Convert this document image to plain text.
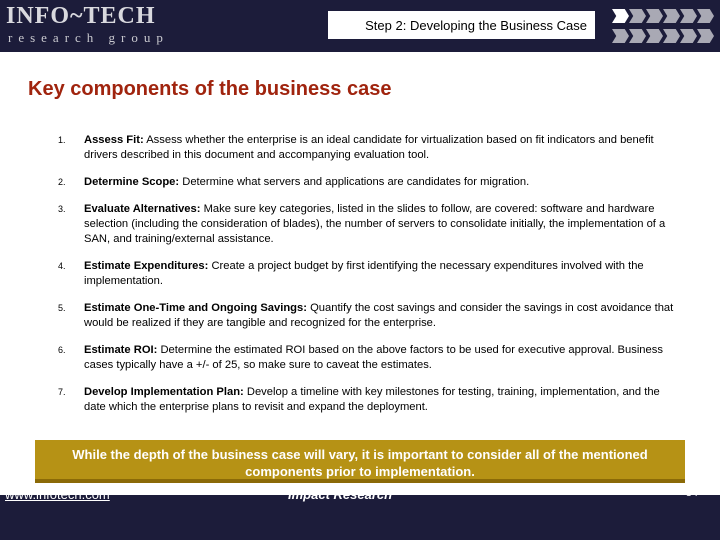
INFO~TECH
research group
Step 2: Developing the Business Case
Key components of the business case
1.	Assess Fit: Assess whether the enterprise is an ideal candidate for virtualization based on fit indicators and benefit drivers described in this document and accompanying evaluation tool.
2.	Determine Scope: Determine what servers and applications are candidates for migration.
3.	Evaluate Alternatives: Make sure key categories, listed in the slides to follow, are covered: software and hardware selection (including the consideration of blades), the number of servers to consolidate initially, the implementation of a SAN, and training/external assistance.
4.	Estimate Expenditures: Create a project budget by first identifying the necessary expenditures involved with the implementation.
5.	Estimate One-Time and Ongoing Savings: Quantify the cost savings and consider the savings in cost avoidance that would be realized if they are tangible and recognized for the enterprise.
6.	Estimate ROI: Determine the estimated ROI based on the above factors to be used for executive approval. Business cases typically have a +/- of 25, so make sure to caveat the estimates.
7.	Develop Implementation Plan: Develop a timeline with key milestones for testing, training, implementation, and the date which the enterprise plans to revisit and expand the deployment.
While the depth of the business case will vary, it is important to consider all of the mentioned components prior to implementation.
www.infotech.com	Impact Research	34
